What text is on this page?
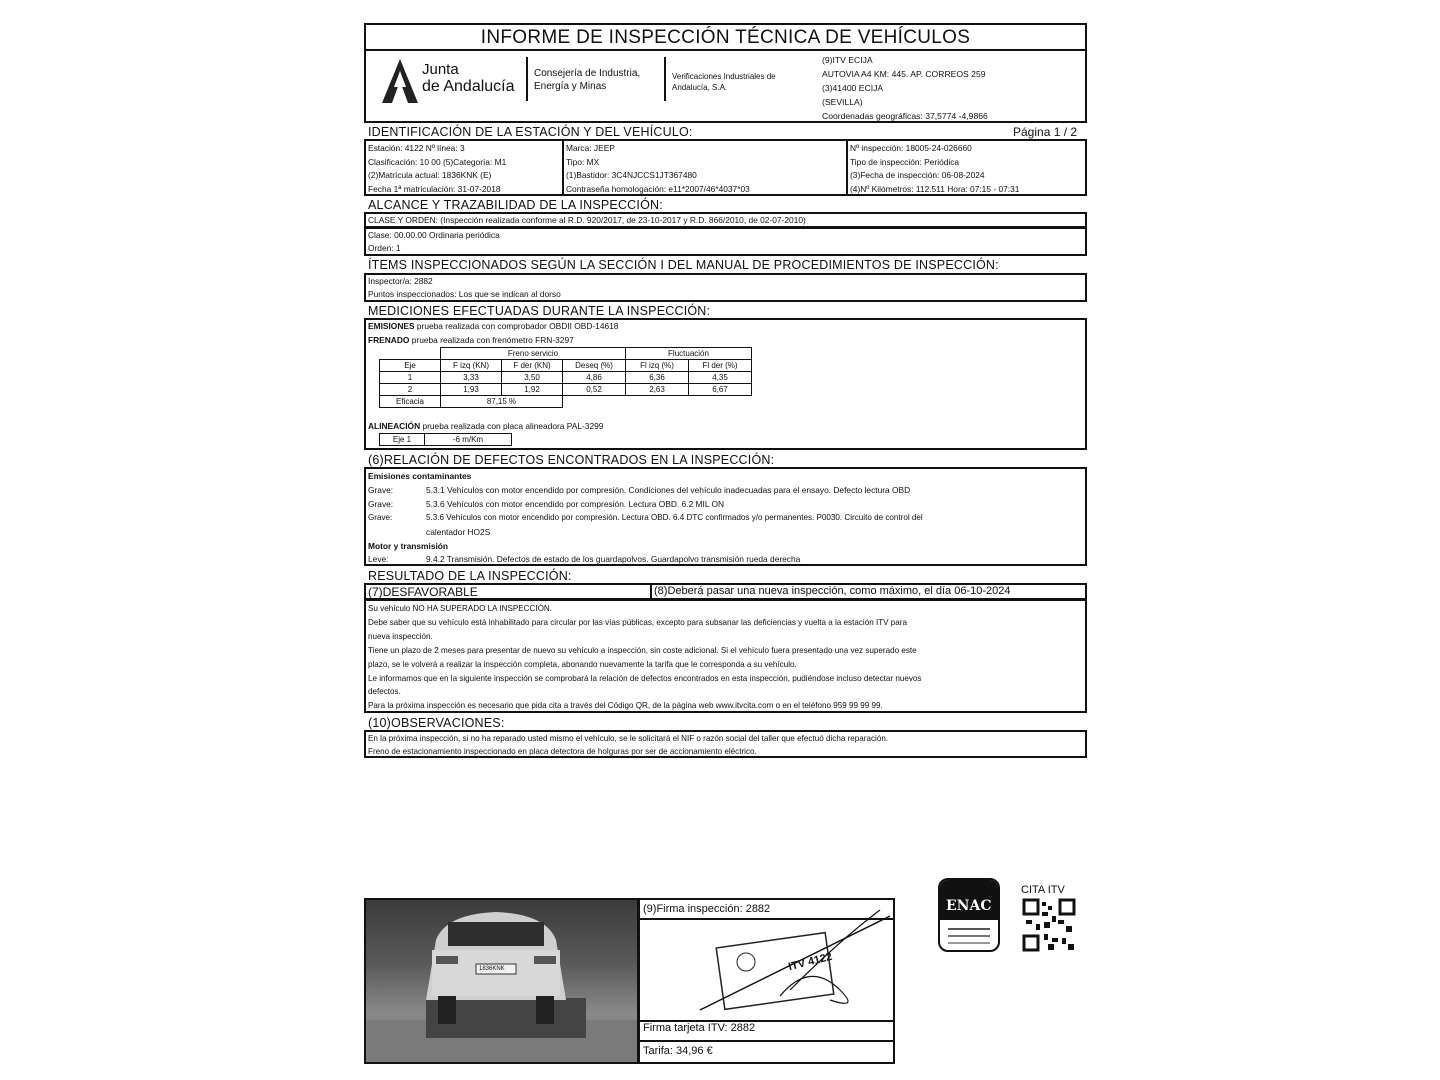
INFORME DE INSPECCIÓN TÉCNICA DE VEHÍCULOS
Junta
de Andalucía
Consejería de Industria,
Energía y Minas
Verificaciones Industriales de
Andalucía, S.A.
(9)ITV ECIJA
AUTOVIA A4 KM: 445. AP. CORREOS 259
(3)41400 ECIJA
(SEVILLA)
Coordenadas geográficas: 37,5774 -4,9866
IDENTIFICACIÓN DE LA ESTACIÓN Y DEL VEHÍCULO:	Página 1 / 2
Estación: 4122 Nº línea: 3
Clasificación: 10 00 (5)Categoría: M1
(2)Matrícula actual: 1836KNK (E)
Fecha 1ª matriculación: 31-07-2018
Marca: JEEP
Tipo: MX
(1)Bastidor: 3C4NJCCS1JT367480
Contraseña homologación: e11*2007/46*4037*03
Nº inspección: 18005-24-026660
Tipo de inspección: Periódica
(3)Fecha de inspección: 06-08-2024
(4)Nº Kilómetros: 112.511 Hora: 07:15 - 07:31
ALCANCE Y TRAZABILIDAD DE LA INSPECCIÓN:
CLASE Y ORDEN: (Inspección realizada conforme al R.D. 920/2017, de 23-10-2017 y R.D. 866/2010, de 02-07-2010)
Clase: 00.00.00 Ordinaria periódica
Orden: 1
ÍTEMS INSPECCIONADOS SEGÚN LA SECCIÓN I DEL MANUAL DE PROCEDIMIENTOS DE INSPECCIÓN:
Inspector/a: 2882
Puntos inspeccionados: Los que se indican al dorso
MEDICIONES EFECTUADAS DURANTE LA INSPECCIÓN:
EMISIONES prueba realizada con comprobador OBDII OBD-14618
FRENADO prueba realizada con frenómetro FRN-3297
	Freno servicio			Fluctuación	
Eje	F izq (KN)	F der (KN)	Deseq (%)	Fl izq (%)	Fl der (%)
1	3,33	3,50	4,86	6,36	4,35
2	1,93	1,92	0,52	2,63	6,67
Eficacia	87,15 %				
ALINEACIÓN prueba realizada con placa alineadora PAL-3299
Eje 1	-6 m/Km
(6)RELACIÓN DE DEFECTOS ENCONTRADOS EN LA INSPECCIÓN:
Emisiones contaminantes
Grave:	5.3.1 Vehículos con motor encendido por compresión. Condiciones del vehículo inadecuadas para el ensayo. Defecto lectura OBD
Grave:	5.3.6 Vehículos con motor encendido por compresión. Lectura OBD. 6.2 MIL ON
Grave:	5.3.6 Vehículos con motor encendido por compresión. Lectura OBD. 6.4 DTC confirmados y/o permanentes. P0030. Circuito de control del
calentador HO2S
Motor y transmisión
Leve:	9.4.2 Transmisión. Defectos de estado de los guardapolvos. Guardapolvo transmisión rueda derecha
RESULTADO DE LA INSPECCIÓN:
(7)DESFAVORABLE	(8)Deberá pasar una nueva inspección, como máximo, el día 06-10-2024
Su vehículo NO HA SUPERADO LA INSPECCIÓN.
Debe saber que su vehículo está inhabilitado para circular por las vías públicas, excepto para subsanar las deficiencias y vuelta a la estación ITV para
nueva inspección.
Tiene un plazo de 2 meses para presentar de nuevo su vehículo a inspección, sin coste adicional. Si el vehículo fuera presentado una vez superado este
plazo, se le volverá a realizar la inspección completa, abonando nuevamente la tarifa que le corresponda a su vehículo.
Le informamos que en la siguiente inspección se comprobará la relación de defectos encontrados en esta inspección, pudiéndose incluso detectar nuevos
defectos.
Para la próxima inspección es necesario que pida cita a través del Código QR, de la página web www.itvcita.com o en el teléfono 959 99 99 99.
(10)OBSERVACIONES:
En la próxima inspección, si no ha reparado usted mismo el vehículo, se le solicitará el NIF o razón social del taller que efectuó dicha reparación.
Freno de estacionamiento inspeccionado en placa detectora de holguras por ser de accionamiento eléctrico.
1836KNK
(9)Firma inspección: 2882
ITV 4122
Firma tarjeta ITV: 2882
Tarifa: 34,96 €
ENAC
CITA ITV
